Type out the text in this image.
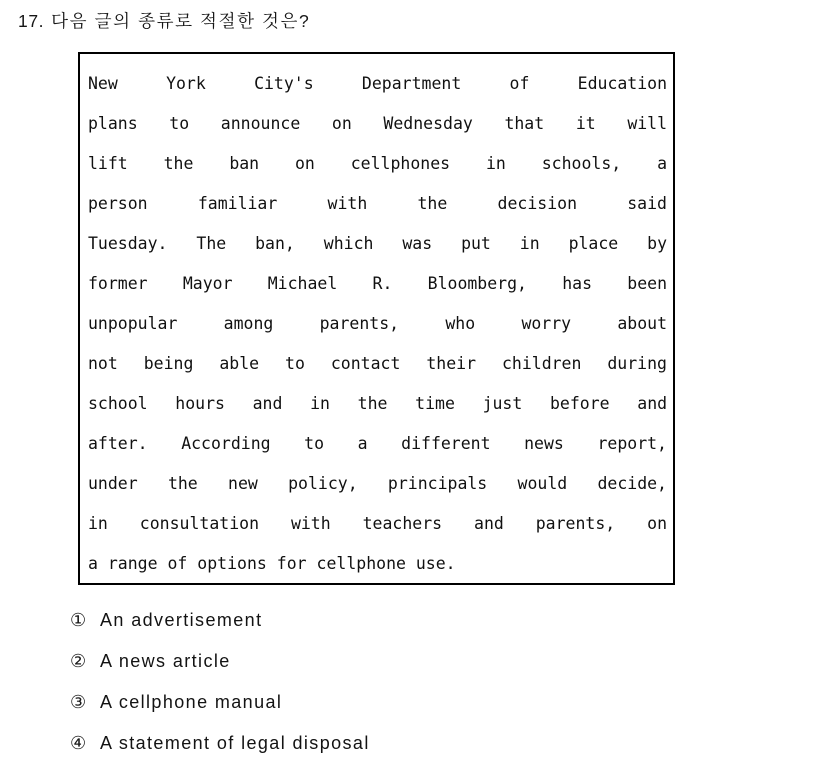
17. 다음 글의 종류로 적절한 것은?
New	York	City's	Department	of	Education
plans to announce on Wednesday that it will
lift the ban on cellphones in schools, a
person	familiar	with	the	decision	said
Tuesday. The ban, which was put in place by
former Mayor Michael R. Bloomberg, has been
unpopular	among	parents,	who	worry	about
not being able to contact their children during
school hours and in the time just before and
after. According to a different news report,
under the new policy, principals would decide,
in consultation with teachers and parents, on
a range of options for cellphone use.
① An advertisement
② A news article
③ A cellphone manual
④ A statement of legal disposal
